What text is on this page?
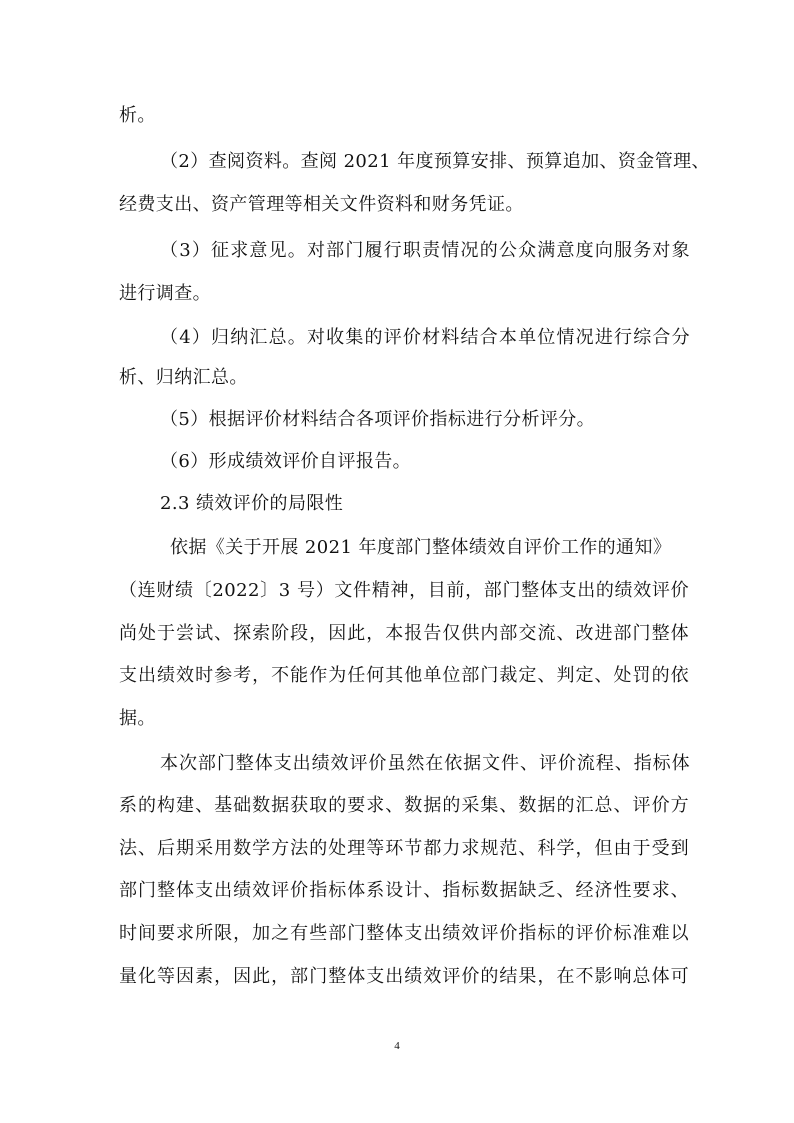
析。
（2）查阅资料。查阅 2021 年度预算安排、预算追加、资金管理、
经费支出、资产管理等相关文件资料和财务凭证。
（3）征求意见。对部门履行职责情况的公众满意度向服务对象
进行调查。
（4）归纳汇总。对收集的评价材料结合本单位情况进行综合分
析、归纳汇总。
（5）根据评价材料结合各项评价指标进行分析评分。
（6）形成绩效评价自评报告。
2.3 绩效评价的局限性
依据《关于开展 2021 年度部门整体绩效自评价工作的通知》
（连财绩〔2022〕3 号）文件精神，目前，部门整体支出的绩效评价
尚处于尝试、探索阶段，因此，本报告仅供内部交流、改进部门整体
支出绩效时参考，不能作为任何其他单位部门裁定、判定、处罚的依
据。
本次部门整体支出绩效评价虽然在依据文件、评价流程、指标体
系的构建、基础数据获取的要求、数据的采集、数据的汇总、评价方
法、后期采用数学方法的处理等环节都力求规范、科学，但由于受到
部门整体支出绩效评价指标体系设计、指标数据缺乏、经济性要求、
时间要求所限，加之有些部门整体支出绩效评价指标的评价标准难以
量化等因素，因此，部门整体支出绩效评价的结果，在不影响总体可
4
